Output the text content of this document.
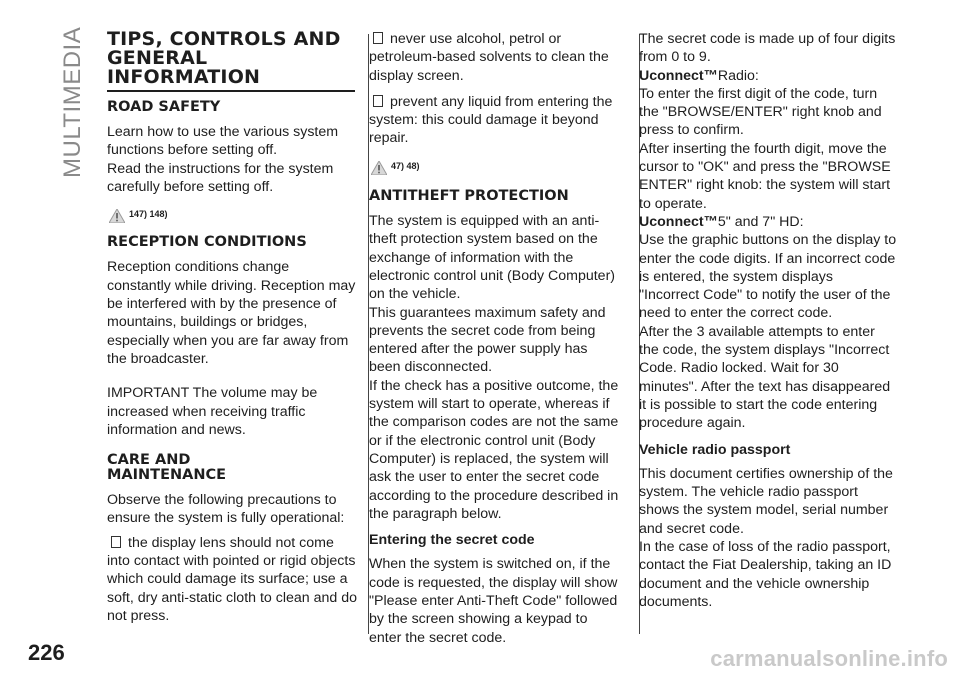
MULTIMEDIA TIPS, CONTROLS AND GENERAL INFORMATION
ROAD SAFETY

Learn how to use the various system functions before setting off.

Read the instructions for the system carefully before setting off.

147) 148)
RECEPTION CONDITIONS

Reception conditions change constantly while driving. Reception may be interfered with by the presence of mountains, buildings or bridges, especially when you are far away from the broadcaster.

IMPORTANT The volume may be increased when receiving traffic information and news.

CARE AND MAINTENANCE

Observe the following precautions to ensure the system is fully operational:

the display lens should not come into contact with pointed or rigid objects which could damage its surface; use a soft, dry anti-static cloth to clean and do not press.

never use alcohol, petrol or petroleum-based solvents to clean the display screen.

prevent any liquid from entering the system: this could damage it beyond repair.

47) 48)
ANTITHEFT PROTECTION

The system is equipped with an anti-theft protection system based on the exchange of information with the electronic control unit (Body Computer) on the vehicle.

This guarantees maximum safety and prevents the secret code from being entered after the power supply has been disconnected.

If the check has a positive outcome, the system will start to operate, whereas if the comparison codes are not the same or if the electronic control unit (Body Computer) is replaced, the system will ask the user to enter the secret code according to the procedure described in the paragraph below.

Entering the secret code

When the system is switched on, if the code is requested, the display will show "Please enter Anti-Theft Code" followed by the screen showing a keypad to enter the secret code.

The secret code is made up of four digits from 0 to 9.

Uconnect™Radio:

To enter the first digit of the code, turn the "BROWSE/ENTER" right knob and press to confirm.

After inserting the fourth digit, move the cursor to "OK" and press the "BROWSE ENTER" right knob: the system will start to operate.

Uconnect™5" and 7" HD:

Use the graphic buttons on the display to enter the code digits. If an incorrect code is entered, the system displays "Incorrect Code" to notify the user of the need to enter the correct code.

After the 3 available attempts to enter the code, the system displays "Incorrect Code. Radio locked. Wait for 30 minutes". After the text has disappeared it is possible to start the code entering procedure again.

Vehicle radio passport

This document certifies ownership of the system. The vehicle radio passport shows the system model, serial number and secret code.

In the case of loss of the radio passport, contact the Fiat Dealership, taking an ID document and the vehicle ownership documents.

226	carmanualsonline.info
